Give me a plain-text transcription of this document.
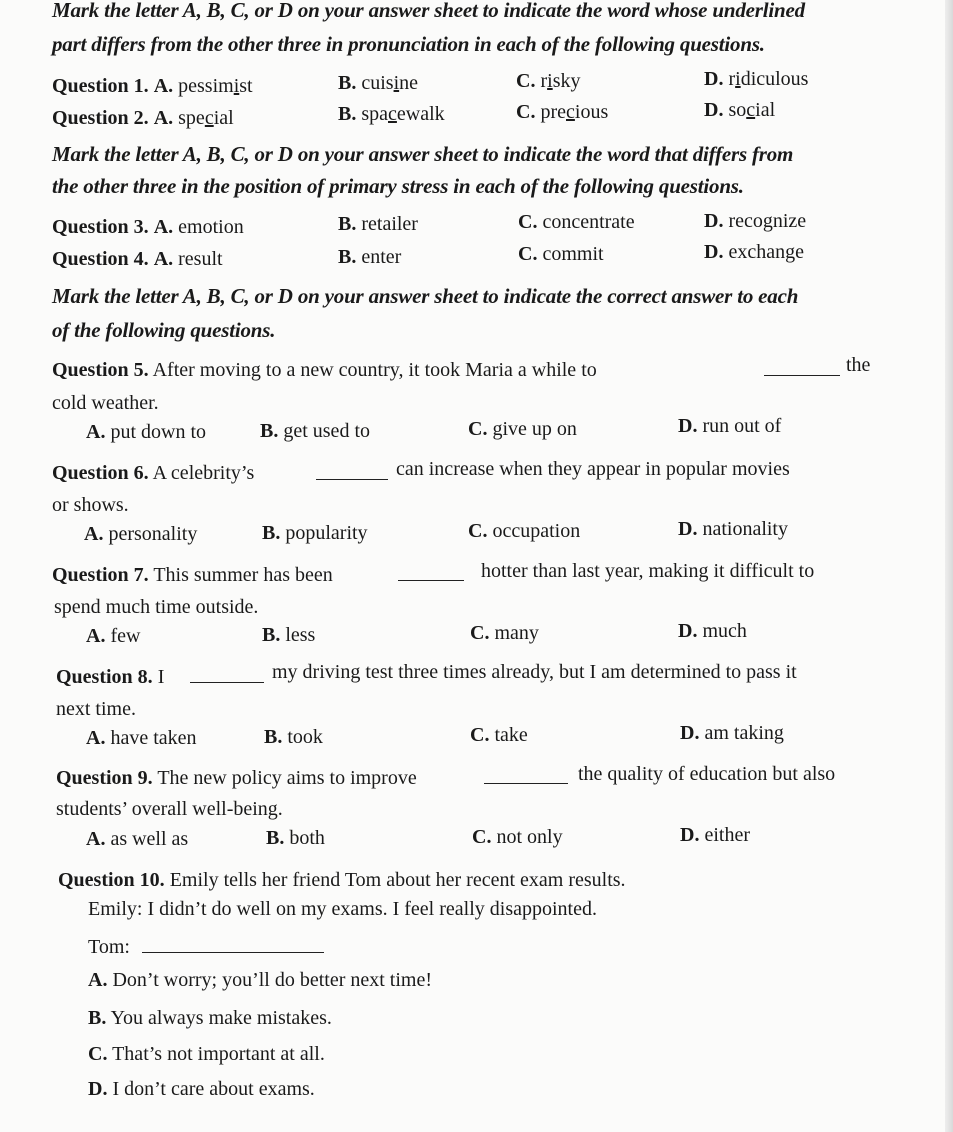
Mark the letter A, B, C, or D on your answer sheet to indicate the word whose underlined
part differs from the other three in pronunciation in each of the following questions.
Question 1. A. pessimist	B. cuisine	C. risky	D. ridiculous
Question 2. A. special	B. spacewalk	C. precious	D. social
Mark the letter A, B, C, or D on your answer sheet to indicate the word that differs from
the other three in the position of primary stress in each of the following questions.
Question 3. A. emotion	B. retailer	C. concentrate	D. recognize
Question 4. A. result	B. enter	C. commit	D. exchange
Mark the letter A, B, C, or D on your answer sheet to indicate the correct answer to each
of the following questions.
Question 5. After moving to a new country, it took Maria a while to	the
cold weather.
A. put down to	B. get used to	C. give up on	D. run out of
Question 6. A celebrity’s	can increase when they appear in popular movies
or shows.
A. personality	B. popularity	C. occupation	D. nationality
Question 7. This summer has been	hotter than last year, making it difficult to
spend much time outside.
A. few	B. less	C. many	D. much
Question 8. I	my driving test three times already, but I am determined to pass it
next time.
A. have taken	B. took	C. take	D. am taking
Question 9. The new policy aims to improve	the quality of education but also
students’ overall well-being.
A. as well as	B. both	C. not only	D. either
Question 10. Emily tells her friend Tom about her recent exam results.
Emily: I didn’t do well on my exams. I feel really disappointed.
Tom:
A. Don’t worry; you’ll do better next time!
B. You always make mistakes.
C. That’s not important at all.
D. I don’t care about exams.
